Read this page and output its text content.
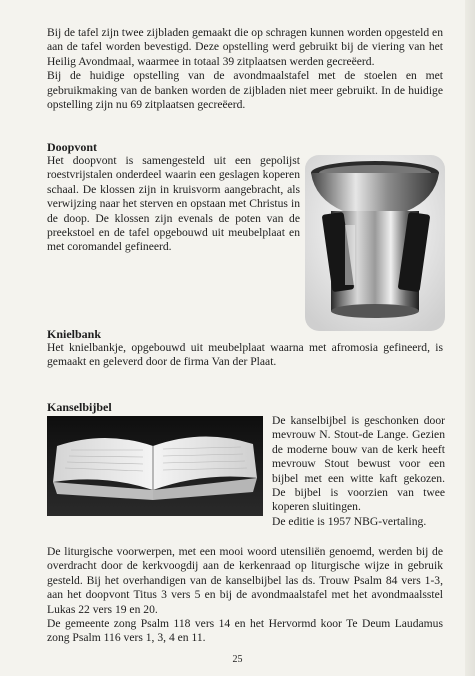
Bij de tafel zijn twee zijbladen gemaakt die op schragen kunnen worden opgesteld en aan de tafel worden bevestigd. Deze opstelling werd gebruikt bij de viering van het Heilig Avondmaal, waarmee in totaal 39 zitplaatsen werden gecreëerd.

Bij de huidige opstelling van de avondmaalstafel met de stoelen en met gebruikmaking van de banken worden de zijbladen niet meer gebruikt. In de huidige opstelling zijn nu 69 zitplaatsen gecreëerd.

Doopvont
Het doopvont is samengesteld uit een gepolijst roestvrijstalen onderdeel waarin een geslagen koperen schaal. De klossen zijn in kruisvorm aangebracht, als verwijzing naar het sterven en opstaan met Christus in de doop. De klossen zijn evenals de poten van de preekstoel en de tafel opgebouwd uit meubelplaat en met coromandel gefineerd.
Knielbank
Het knielbankje, opgebouwd uit meubelplaat waarna met afromosia gefineerd, is gemaakt en geleverd door de firma Van der Plaat.
Kanselbijbel

De kanselbijbel is geschonken door mevrouw N. Stout-de Lange. Gezien de moderne bouw van de kerk heeft mevrouw Stout bewust voor een bijbel met een witte kaft gekozen. De bijbel is voorzien van twee koperen sluitingen.

De editie is 1957 NBG-vertaling.

De liturgische voorwerpen, met een mooi woord utensiliën genoemd, werden bij de overdracht door de kerkvoogdij aan de kerkenraad op liturgische wijze in gebruik gesteld. Bij het overhandigen van de kanselbijbel las ds. Trouw Psalm 84 vers 1-3, aan het doopvont Titus 3 vers 5 en bij de avondmaalstafel met het avondmaalsstel Lukas 22 vers 19 en 20.

De gemeente zong Psalm 118 vers 14 en het Hervormd koor Te Deum Laudamus zong Psalm 116 vers 1, 3, 4 en 11.

25
